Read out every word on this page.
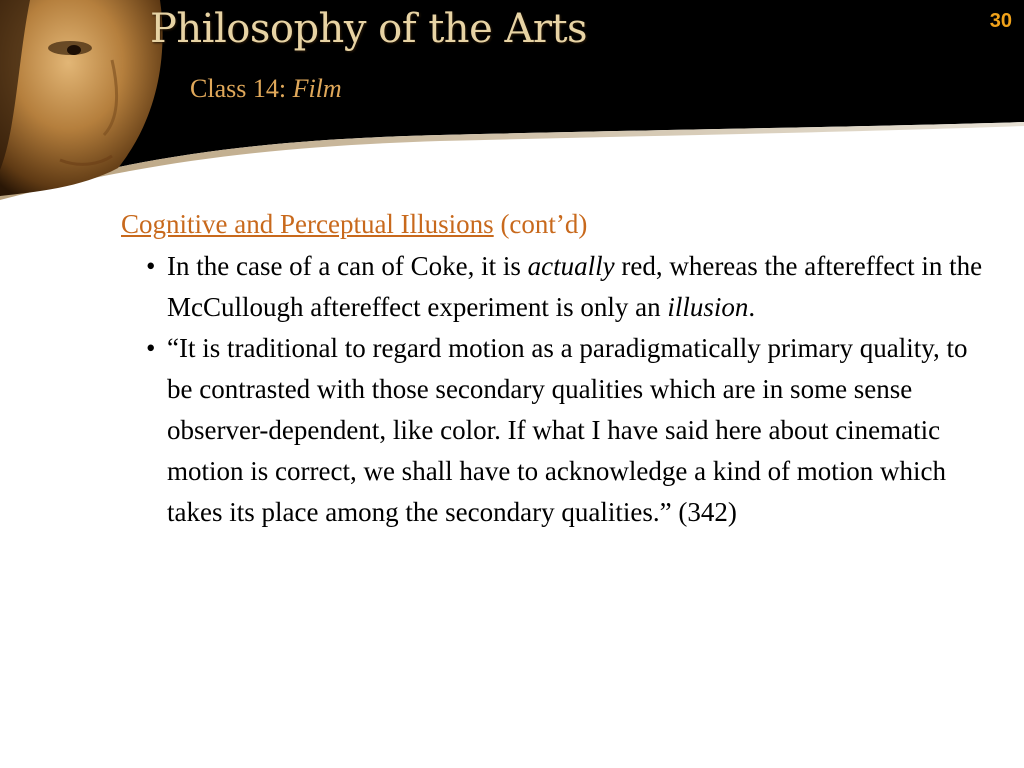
Philosophy of the Arts
Class 14: Film
30
Cognitive and Perceptual Illusions (cont’d)
• In the case of a can of Coke, it is actually red, whereas the aftereffect in the McCullough aftereffect experiment is only an illusion.
• “It is traditional to regard motion as a paradigmatically primary quality, to be contrasted with those secondary qualities which are in some sense observer-dependent, like color. If what I have said here about cinematic motion is correct, we shall have to acknowledge a kind of motion which takes its place among the secondary qualities.” (342)
